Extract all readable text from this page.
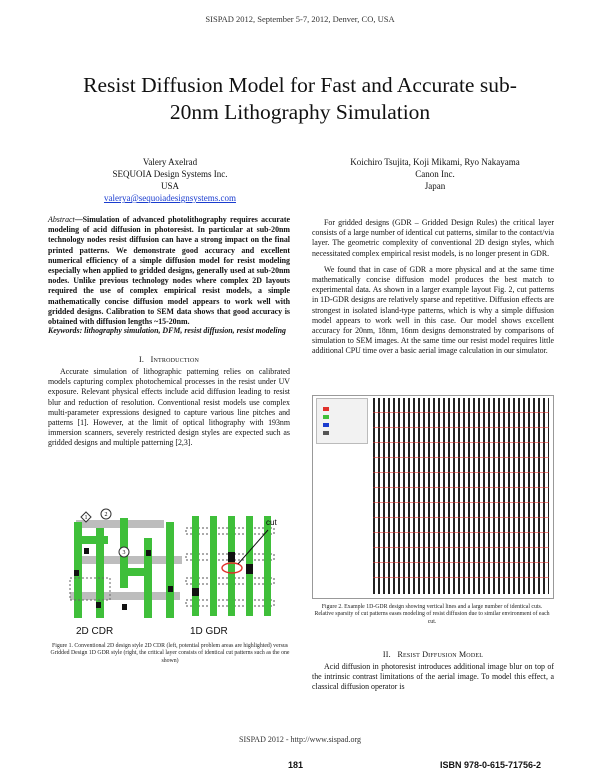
SISPAD 2012, September 5-7, 2012, Denver, CO, USA
Resist Diffusion Model for Fast and Accurate sub-
20nm Lithography Simulation
Valery Axelrad
SEQUOIA Design Systems Inc.
USA
valerya@sequoiadesignsystems.com
Koichiro Tsujita, Koji Mikami, Ryo Nakayama
Canon Inc.
Japan
Abstract—Simulation of advanced photolithography requires accurate modeling of acid diffusion in photoresist. In particular at sub-20nm technology nodes resist diffusion can have a strong impact on the final printed patterns. We demonstrate good accuracy and excellent numerical efficiency of a simple diffusion model for resist modeling especially when applied to gridded designs, generally used at sub-20nm nodes. Unlike previous technology nodes where complex 2D layouts required the use of complex empirical resist models, a simple mathematically concise diffusion model appears to work well with gridded designs. Calibration to SEM data shows that good accuracy is obtained with diffusion lengths ~15-20nm.
Keywords: lithography simulation, DFM, resist diffusion, resist modeling
I. Introduction

Accurate simulation of lithographic patterning relies on calibrated models capturing complex photochemical processes in the resist under UV exposure. Relevant physical effects include acid diffusion leading to resist blur and reduction of resolution. Conventional resist models use complex multi-parameter expressions designed to capture various line pitches and patterns [1]. However, at the limit of optical lithography with 193nm immersion scanners, severely restricted design styles are expected such as gridded designs and multiple patterning [2,3].

1	2
3
cut
2D CDR	1D GDR
Figure 1. Conventional 2D design style 2D CDR (left, potential problem areas are highlighted) versus Gridded Design 1D GDR style (right, the critical layer consists of identical cut patterns such as the one shown)

For gridded designs (GDR – Gridded Design Rules) the critical layer consists of a large number of identical cut patterns, similar to the contact/via layer. The geometric complexity of conventional 2D design styles, which necessitated complex empirical resist models, is no longer present in GDR.

We found that in case of GDR a more physical and at the same time mathematically concise diffusion model produces the best match to experimental data. As shown in a larger example layout Fig. 2, cut patterns in 1D-GDR designs are relatively sparse and repetitive. Diffusion effects are strongest in isolated island-type patterns, which is why a simple diffusion model appears to work well in this case. Our model shows excellent accuracy for 20nm, 18nm, 16nm designs demonstrated by comparisons of simulation to SEM images. At the same time our resist model requires little additional CPU time over a basic aerial image calculation in our simulator.

Figure 2. Example 1D-GDR design showing vertical lines and a large number of identical cuts. Relative sparsity of cut patterns eases modeling of resist diffusion due to similar environment of each cut.
II. Resist Diffusion Model

Acid diffusion in photoresist introduces additional image blur on top of the intrinsic contrast limitations of the aerial image. To model this effect, a classical diffusion operator is

SISPAD 2012 - http://www.sispad.org
181	ISBN 978-0-615-71756-2
